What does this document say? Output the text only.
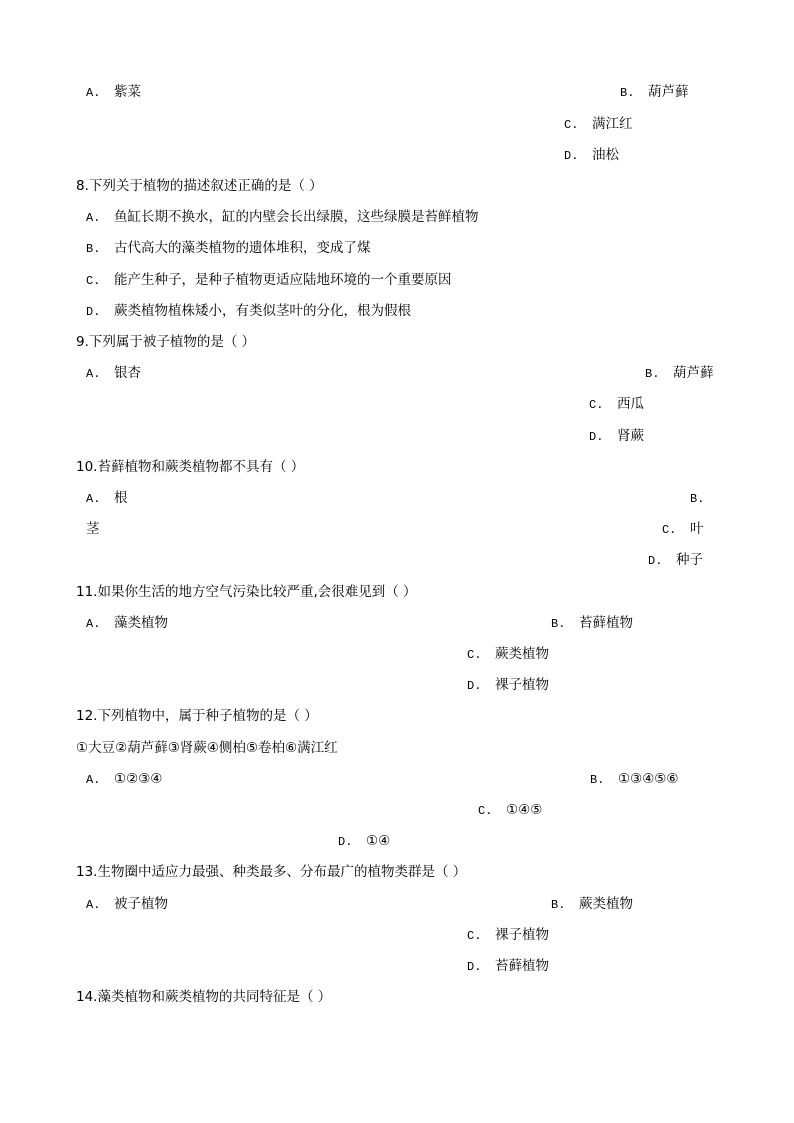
A. 紫菜	B. 葫芦藓
C. 满江红
D. 油松
8.下列关于植物的描述叙述正确的是（ ）
A. 鱼缸长期不换水，缸的内壁会长出绿膜，这些绿膜是苔鲜植物
B. 古代高大的藻类植物的遗体堆积，变成了煤
C. 能产生种子，是种子植物更适应陆地环境的一个重要原因
D. 蕨类植物植株矮小，有类似茎叶的分化，根为假根
9.下列属于被子植物的是（ ）
A. 银杏	B. 葫芦藓
C. 西瓜
D. 肾蕨
10.苔藓植物和蕨类植物都不具有（ ）
A. 根	B.
茎	C. 叶
D. 种子
11.如果你生活的地方空气污染比较严重,会很难见到（ ）
A. 藻类植物	B. 苔藓植物
C. 蕨类植物
D. 裸子植物
12.下列植物中，属于种子植物的是（ ）
①大豆②葫芦藓③肾蕨④侧柏⑤卷柏⑥满江红
A. ①②③④	B. ①③④⑤⑥
C. ①④⑤
D. ①④
13.生物圈中适应力最强、种类最多、分布最广的植物类群是（ ）
A. 被子植物	B. 蕨类植物
C. 裸子植物
D. 苔藓植物
14.藻类植物和蕨类植物的共同特征是（ ）
